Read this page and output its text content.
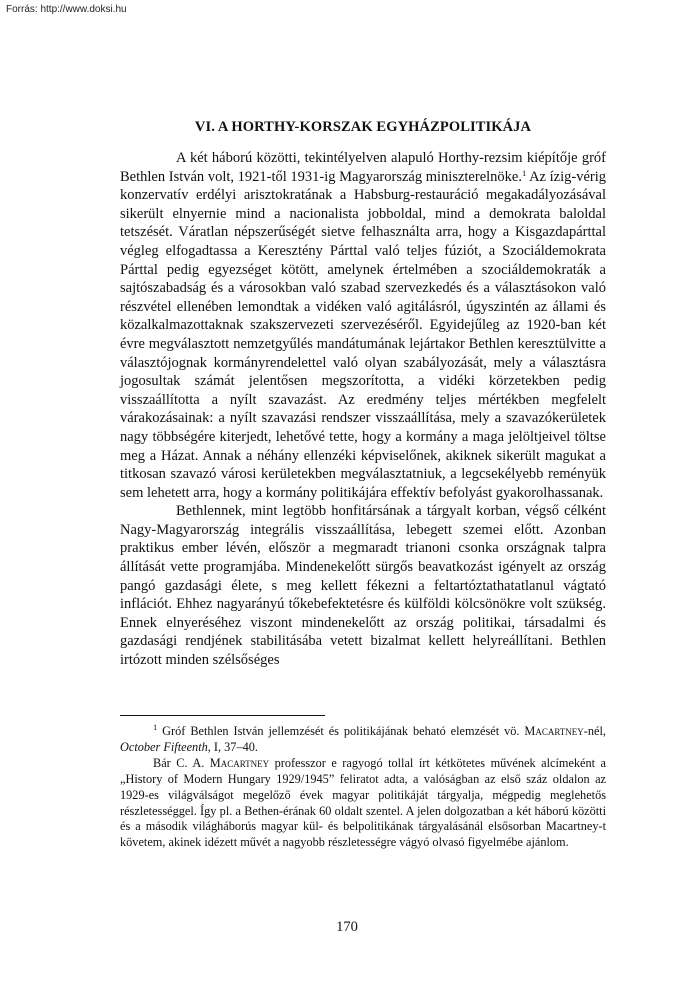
Forrás: http://www.doksi.hu
VI. A HORTHY-KORSZAK EGYHÁZPOLITIKÁJA

A két háború közötti, tekintélyelven alapuló Horthy-rezsim kiépítője gróf Bethlen István volt, 1921-től 1931-ig Magyarország miniszterelnöke.$^1$ Az ízig-vérig konzervatív erdélyi arisztokratának a Habsburg-restauráció megakadályozásával sikerült elnyernie mind a nacionalista jobboldal, mind a demokrata baloldal tetszését. Váratlan népszerűségét sietve felhasználta arra, hogy a Kisgazdapárttal végleg elfogadtassa a Keresztény Párttal való teljes fúziót, a Szociáldemokrata Párttal pedig egyezséget kötött, amelynek értelmében a szociáldemokraták a sajtószabadság és a városokban való szabad szervezkedés és a választásokon való részvétel ellenében lemondtak a vidéken való agitálásról, úgyszintén az állami és közalkalmazottaknak szakszervezeti szervezéséről. Egyidejűleg az 1920-ban két évre megválasztott nemzetgyűlés mandátumának lejártakor Bethlen keresztülvitte a választójognak kormányrendelettel való olyan szabályozását, mely a választásra jogosultak számát jelentősen megszorította, a vidéki körzetekben pedig visszaállította a nyílt szavazást. Az eredmény teljes mértékben megfelelt várakozásainak: a nyílt szavazási rendszer visszaállítása, mely a szavazókerületek nagy többségére kiterjedt, lehetővé tette, hogy a kormány a maga jelöltjeivel töltse meg a Házat. Annak a néhány ellenzéki képviselőnek, akiknek sikerült magukat a titkosan szavazó városi kerületekben megválasztatniuk, a legcsekélyebb reményük sem lehetett arra, hogy a kormány politikájára effektív befolyást gyakorolhassanak.

Bethlennek, mint legtöbb honfitársának a tárgyalt korban, végső célként Nagy-Magyarország integrális visszaállítása, lebegett szemei előtt. Azonban praktikus ember lévén, először a megmaradt trianoni csonka országnak talpra állítását vette programjába. Mindenekelőtt sürgős beavatkozást igényelt az ország pangó gazdasági élete, s meg kellett fékezni a feltartóztathatatlanul vágtató inflációt. Ehhez nagyarányú tőkebefektetésre és külföldi kölcsönökre volt szükség. Ennek elnyeréséhez viszont mindenekelőtt az ország politikai, társadalmi és gazdasági rendjének stabilitásába vetett bizalmat kellett helyreállítani. Bethlen irtózott minden szélsőséges

$^1$ Gróf Bethlen István jellemzését és politikájának beható elemzését vö. Macartney-nél, October Fifteenth, I, 37–40.

Bár C. A. Macartney professzor e ragyogó tollal írt kétkötetes művének alcímeként a „History of Modern Hungary 1929/1945” feliratot adta, a valóságban az első száz oldalon az 1929-es világválságot megelőző évek magyar politikáját tárgyalja, mégpedig meglehetős részletességgel. Így pl. a Bethen-érának 60 oldalt szentel. A jelen dolgozatban a két háború közötti és a második világháborús magyar kül- és belpolitikának tárgyalásánál elsősorban Macartney-t követem, akinek idézett művét a nagyobb részletességre vágyó olvasó figyelmébe ajánlom.

170
